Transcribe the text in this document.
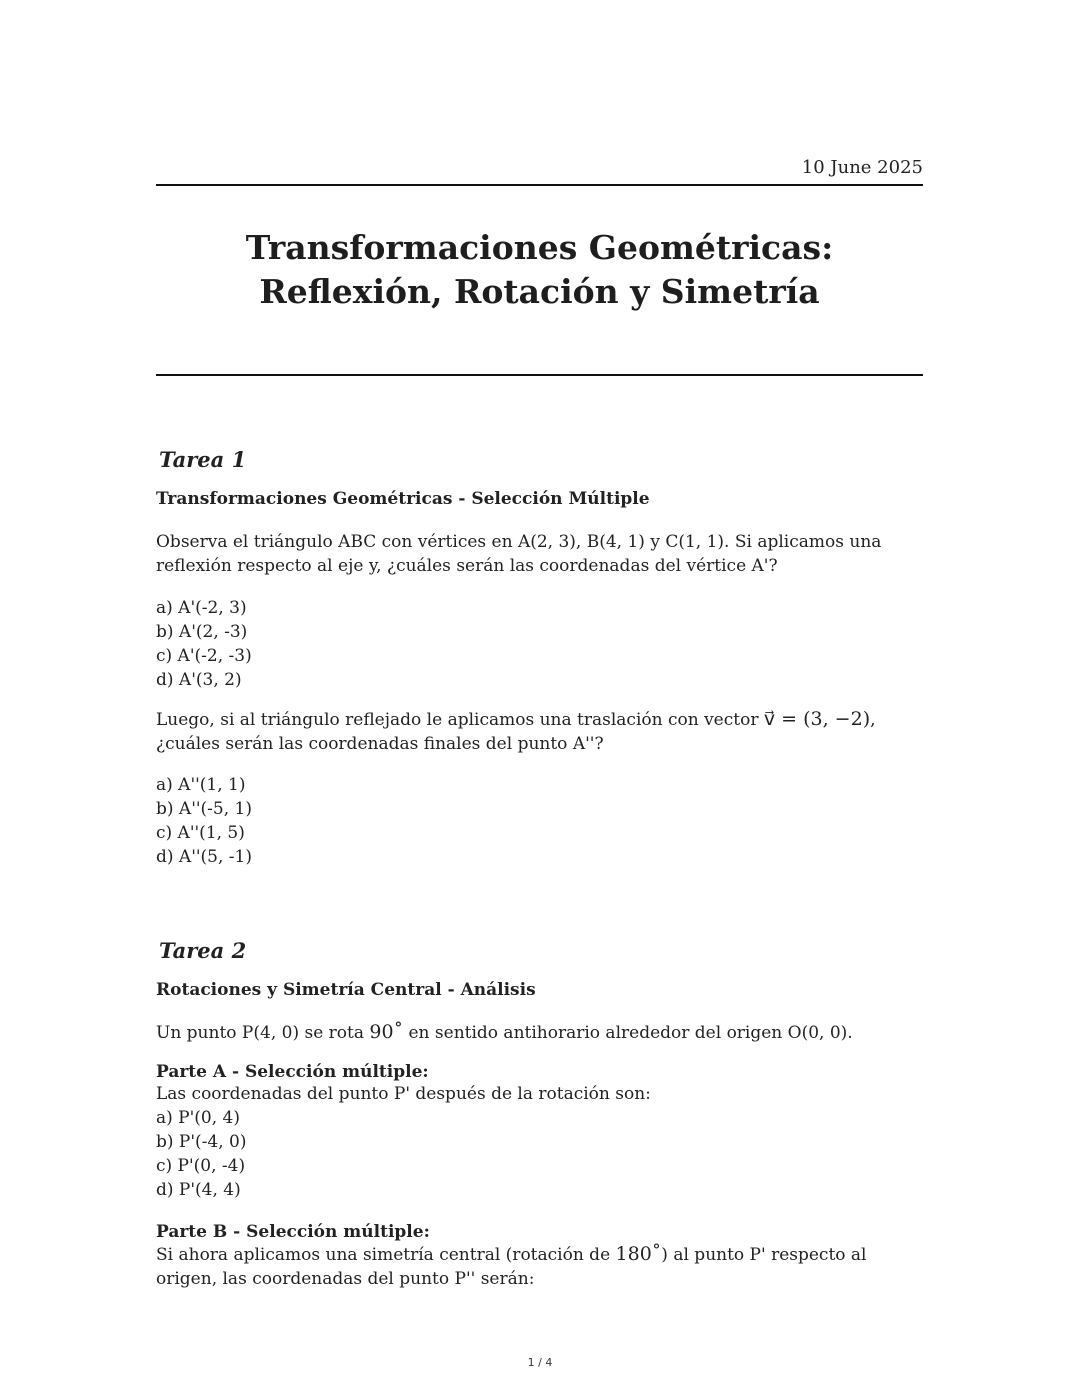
10 June 2025
Transformaciones Geométricas: Reflexión, Rotación y Simetría
Tarea 1
Transformaciones Geométricas - Selección Múltiple

Observa el triángulo ABC con vértices en A(2, 3), B(4, 1) y C(1, 1). Si aplicamos una reflexión respecto al eje y, ¿cuáles serán las coordenadas del vértice A'?

a) A'(-2, 3)
b) A'(2, -3)
c) A'(-2, -3)
d) A'(3, 2)

Luego, si al triángulo reflejado le aplicamos una traslación con vector v⃗ = (3, −2), ¿cuáles serán las coordenadas finales del punto A''?

a) A''(1, 1)
b) A''(-5, 1)
c) A''(1, 5)
d) A''(5, -1)
Tarea 2
Rotaciones y Simetría Central - Análisis

Un punto P(4, 0) se rota 90˚ en sentido antihorario alrededor del origen O(0, 0).

Parte A - Selección múltiple:
Las coordenadas del punto P' después de la rotación son:
a) P'(0, 4)
b) P'(-4, 0)
c) P'(0, -4)
d) P'(4, 4)
Parte B - Selección múltiple:

Si ahora aplicamos una simetría central (rotación de 180˚) al punto P' respecto al origen, las coordenadas del punto P'' serán:

1 / 4
